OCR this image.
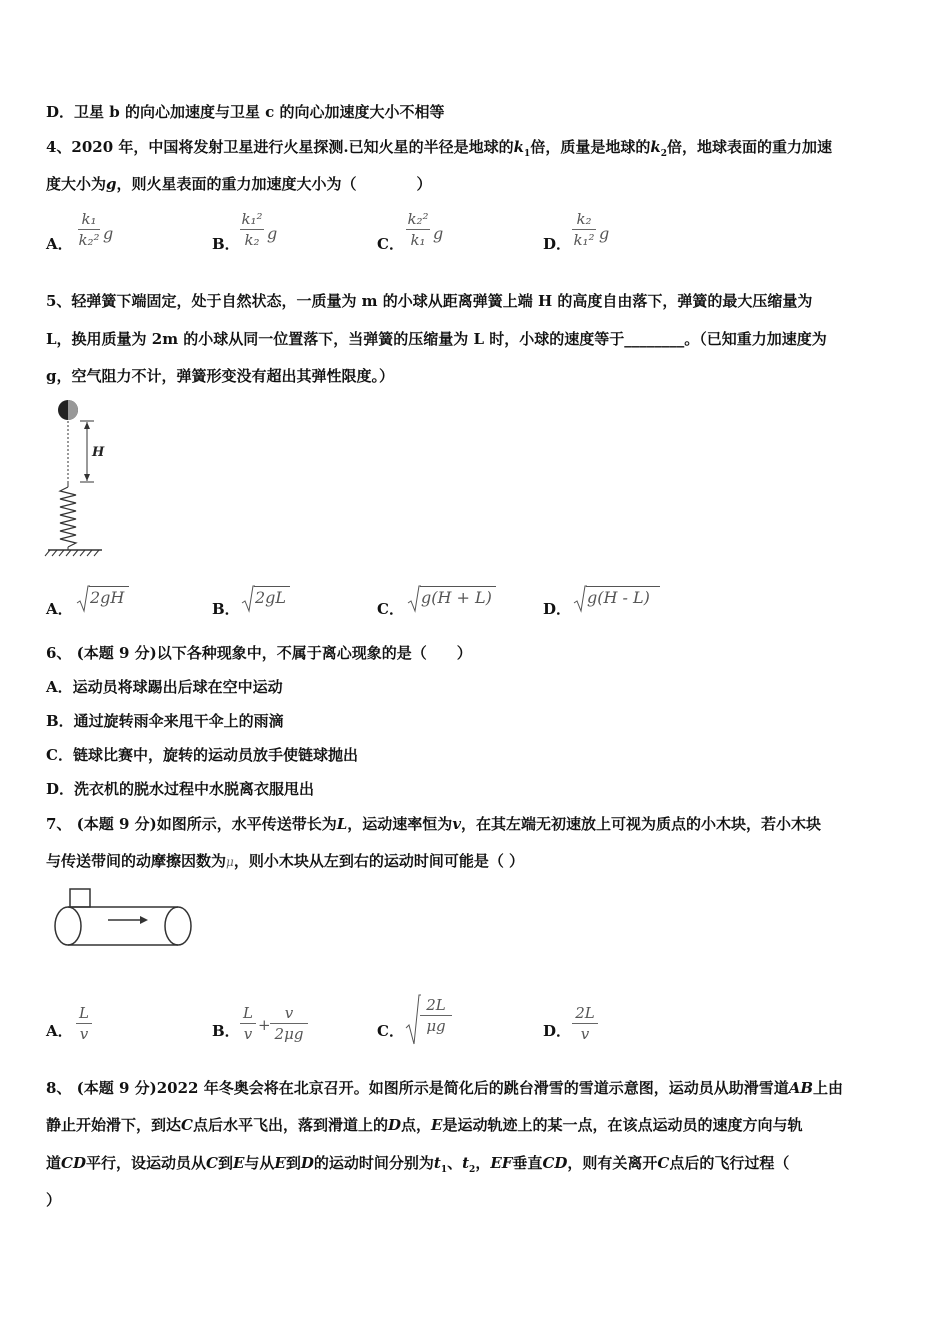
D．卫星 b 的向心加速度与卫星 c 的向心加速度大小不相等
4、2020 年，中国将发射卫星进行火星探测.已知火星的半径是地球的$k_1$倍，质量是地球的$k_2$倍，地球表面的重力加速
度大小为g，则火星表面的重力加速度大小为（　　　　）
A．
k₁
k₂² g
B．
k₁²
k₂ g
C．
k₂²
k₁ g
D．
k₂
k₁² g
5、轻弹簧下端固定，处于自然状态，一质量为 m 的小球从距离弹簧上端 H 的高度自由落下，弹簧的最大压缩量为
L，换用质量为 2m 的小球从同一位置落下，当弹簧的压缩量为 L 时，小球的速度等于________。（已知重力加速度为
g，空气阻力不计，弹簧形变没有超出其弹性限度。）
H
A．
2gH
B．
2gL
C．
g(H + L)
D．
g(H - L)
6、 (本题 9 分)以下各种现象中，不属于离心现象的是（　　）
A．运动员将球踢出后球在空中运动
B．通过旋转雨伞来甩干伞上的雨滴
C．链球比赛中，旋转的运动员放手使链球抛出
D．洗衣机的脱水过程中水脱离衣服甩出
7、 (本题 9 分)如图所示，水平传送带长为L，运动速率恒为v，在其左端无初速放上可视为质点的小木块，若小木块
与传送带间的动摩擦因数为μ，则小木块从左到右的运动时间可能是（ ）
A．
L
v	B．
L
v +
v
2μg	C．
2L
μg	D．
2L
v
8、 (本题 9 分)2022 年冬奥会将在北京召开。如图所示是简化后的跳台滑雪的雪道示意图，运动员从助滑雪道AB上由
静止开始滑下，到达C点后水平飞出，落到滑道上的D点，E是运动轨迹上的某一点，在该点运动员的速度方向与轨
道CD平行，设运动员从C到E与从E到D的运动时间分别为$t_1$、$t_2$，EF垂直CD，则有关离开C点后的飞行过程（
）
